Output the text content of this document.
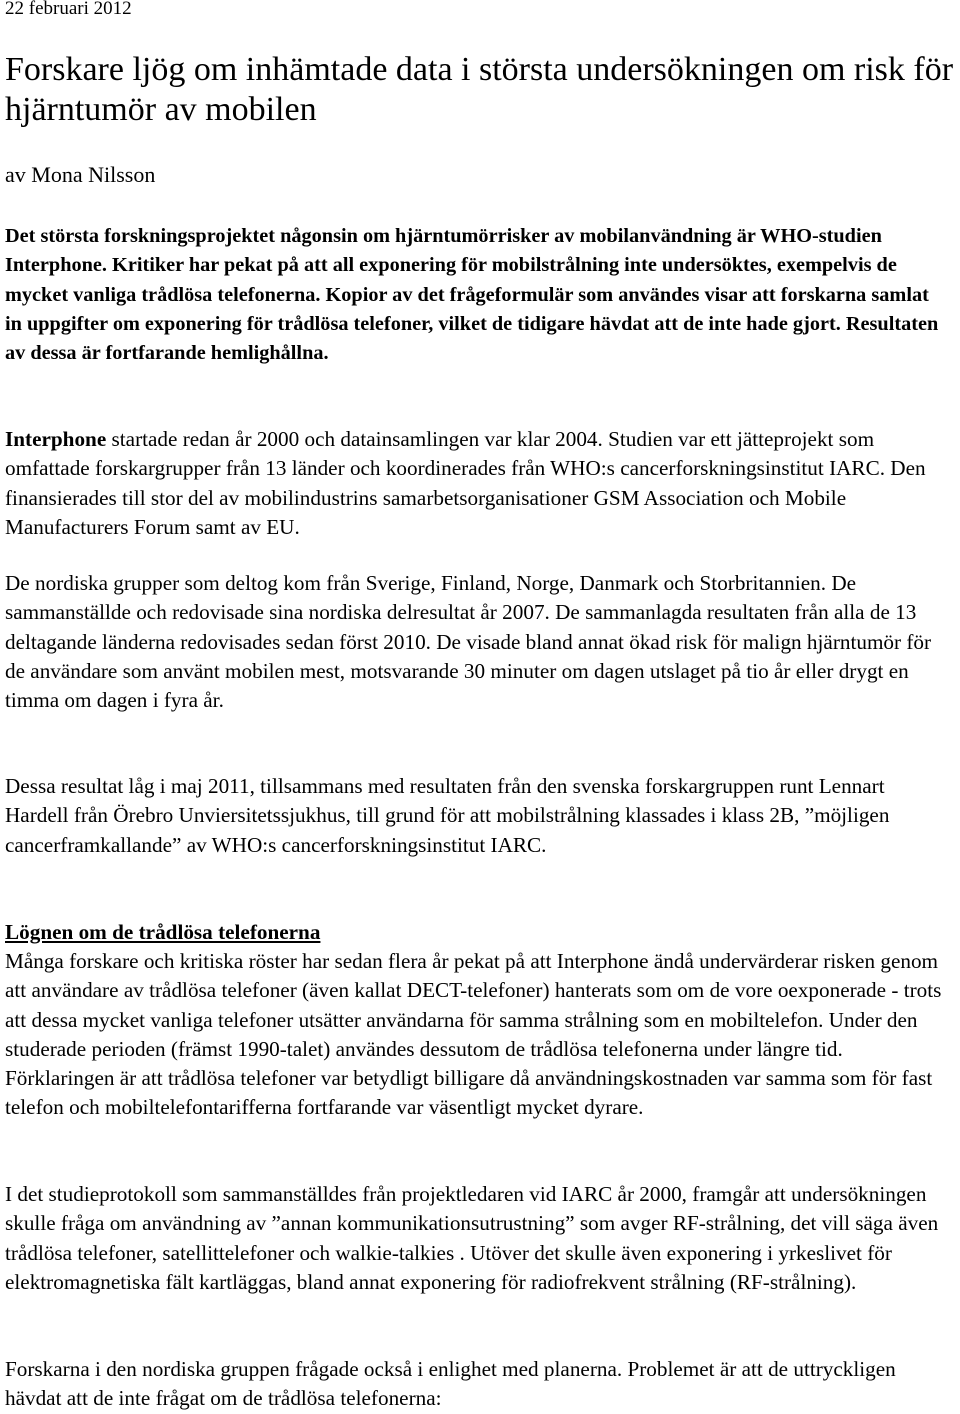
22 februari 2012
Forskare ljög om inhämtade data i största undersökningen om risk för hjärntumör av mobilen
av Mona Nilsson

Det största forskningsprojektet någonsin om hjärntumörrisker av mobilanvändning är WHO-studien Interphone. Kritiker har pekat på att all exponering för mobilstrålning inte undersöktes, exempelvis de mycket vanliga trådlösa telefonerna. Kopior av det frågeformulär som användes visar att forskarna samlat in uppgifter om exponering för trådlösa telefoner, vilket de tidigare hävdat att de inte hade gjort. Resultaten av dessa är fortfarande hemlighållna.

Interphone startade redan år 2000 och datainsamlingen var klar 2004. Studien var ett jätteprojekt som omfattade forskargrupper från 13 länder och koordinerades från WHO:s cancerforskningsinstitut IARC. Den finansierades till stor del av mobilindustrins samarbetsorganisationer GSM Association och Mobile Manufacturers Forum samt av EU.

De nordiska grupper som deltog kom från Sverige, Finland, Norge, Danmark och Storbritannien. De sammanställde och redovisade sina nordiska delresultat år 2007. De sammanlagda resultaten från alla de 13 deltagande länderna redovisades sedan först 2010. De visade bland annat ökad risk för malign hjärntumör för de användare som använt mobilen mest, motsvarande 30 minuter om dagen utslaget på tio år eller drygt en timma om dagen i fyra år.

Dessa resultat låg i maj 2011, tillsammans med resultaten från den svenska forskargruppen runt Lennart Hardell från Örebro Unviersitetssjukhus, till grund för att mobilstrålning klassades i klass 2B, ”möjligen cancerframkallande” av WHO:s cancerforskningsinstitut IARC.

Lögnen om de trådlösa telefonerna

Många forskare och kritiska röster har sedan flera år pekat på att Interphone ändå undervärderar risken genom att användare av trådlösa telefoner (även kallat DECT-telefoner) hanterats som om de vore oexponerade - trots att dessa mycket vanliga telefoner utsätter användarna för samma strålning som en mobiltelefon. Under den studerade perioden (främst 1990-talet) användes dessutom de trådlösa telefonerna under längre tid. Förklaringen är att trådlösa telefoner var betydligt billigare då användningskostnaden var samma som för fast telefon och mobiltelefontarifferna fortfarande var väsentligt mycket dyrare.

I det studieprotokoll som sammanställdes från projektledaren vid IARC år 2000, framgår att undersökningen skulle fråga om användning av ”annan kommunikationsutrustning” som avger RF-strålning, det vill säga även trådlösa telefoner, satellittelefoner och walkie-talkies . Utöver det skulle även exponering i yrkeslivet för elektromagnetiska fält kartläggas, bland annat exponering för radiofrekvent strålning (RF-strålning).

Forskarna i den nordiska gruppen frågade också i enlighet med planerna. Problemet är att de uttryckligen hävdat att de inte frågat om de trådlösa telefonerna:
